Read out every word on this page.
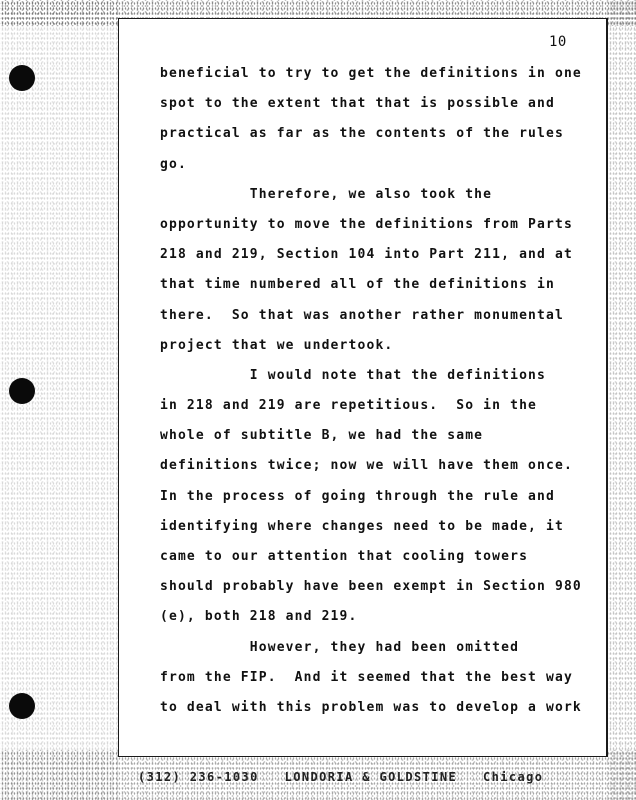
10
beneficial to try to get the definitions in one
spot to the extent that that is possible and
practical as far as the contents of the rules
go.
Therefore, we also took the
opportunity to move the definitions from Parts
218 and 219, Section 104 into Part 211, and at
that time numbered all of the definitions in
there.  So that was another rather monumental
project that we undertook.
I would note that the definitions
in 218 and 219 are repetitious.  So in the
whole of subtitle B, we had the same
definitions twice; now we will have them once.
In the process of going through the rule and
identifying where changes need to be made, it
came to our attention that cooling towers
should probably have been exempt in Section 980
(e), both 218 and 219.
However, they had been omitted
from the FIP.  And it seemed that the best way
to deal with this problem was to develop a work
(312) 236-1030   LONDORIA & GOLDSTINE   Chicago
